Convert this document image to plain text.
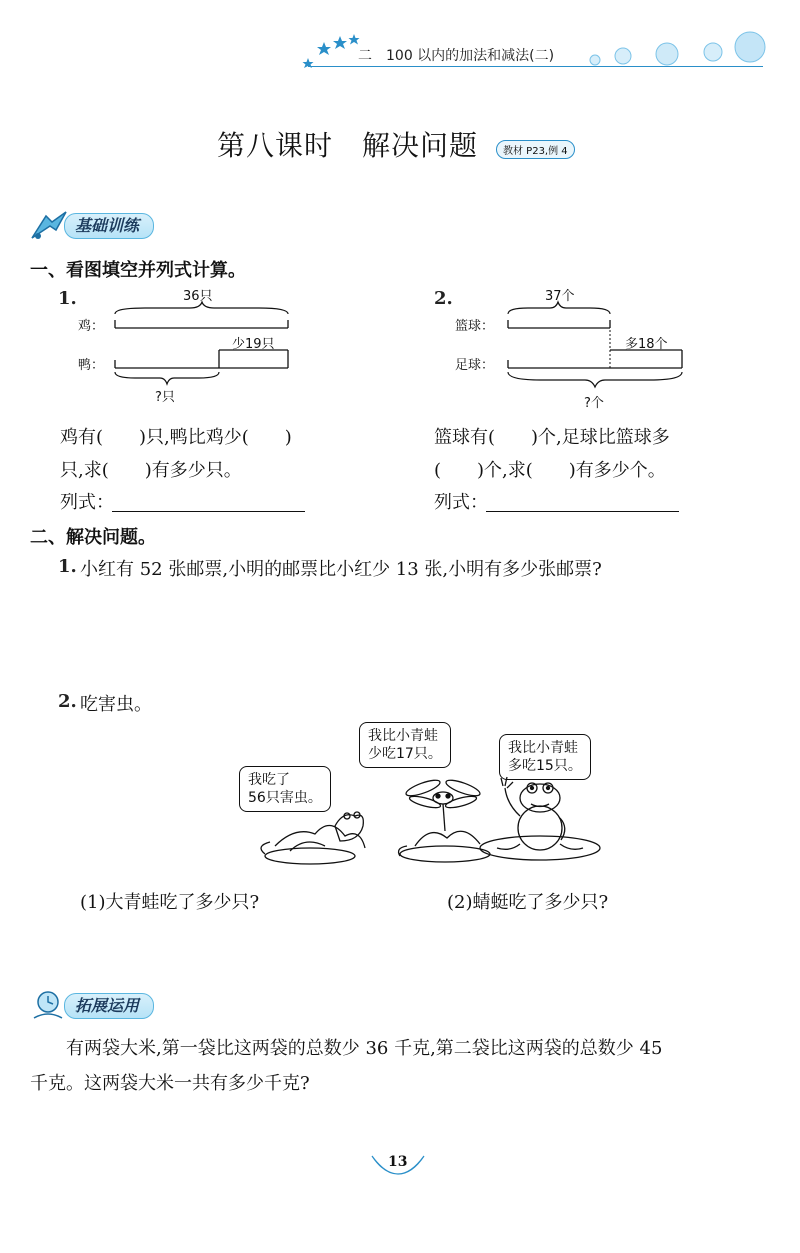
二　100 以内的加法和减法(二)
第八课时　解决问题	教材 P23,例 4
基础训练
一、看图填空并列式计算。
1.	36只
鸡：
鸭：
少19只
?只
2.	37个
篮球：
足球：
多18个
?个
鸡有(　　)只,鸭比鸡少(　　)
只,求(　　)有多少只。
列式：
篮球有(　　)个,足球比篮球多
(　　)个,求(　　)有多少个。
列式：
二、解决问题。
1. 小红有 52 张邮票,小明的邮票比小红少 13 张,小明有多少张邮票?
2. 吃害虫。
我吃了
56只害虫。
我比小青蛙
少吃17只。	我比小青蛙
多吃15只。
(1)大青蛙吃了多少只?	(2)蜻蜓吃了多少只?
拓展运用
有两袋大米,第一袋比这两袋的总数少 36 千克,第二袋比这两袋的总数少 45
千克。这两袋大米一共有多少千克?
13
